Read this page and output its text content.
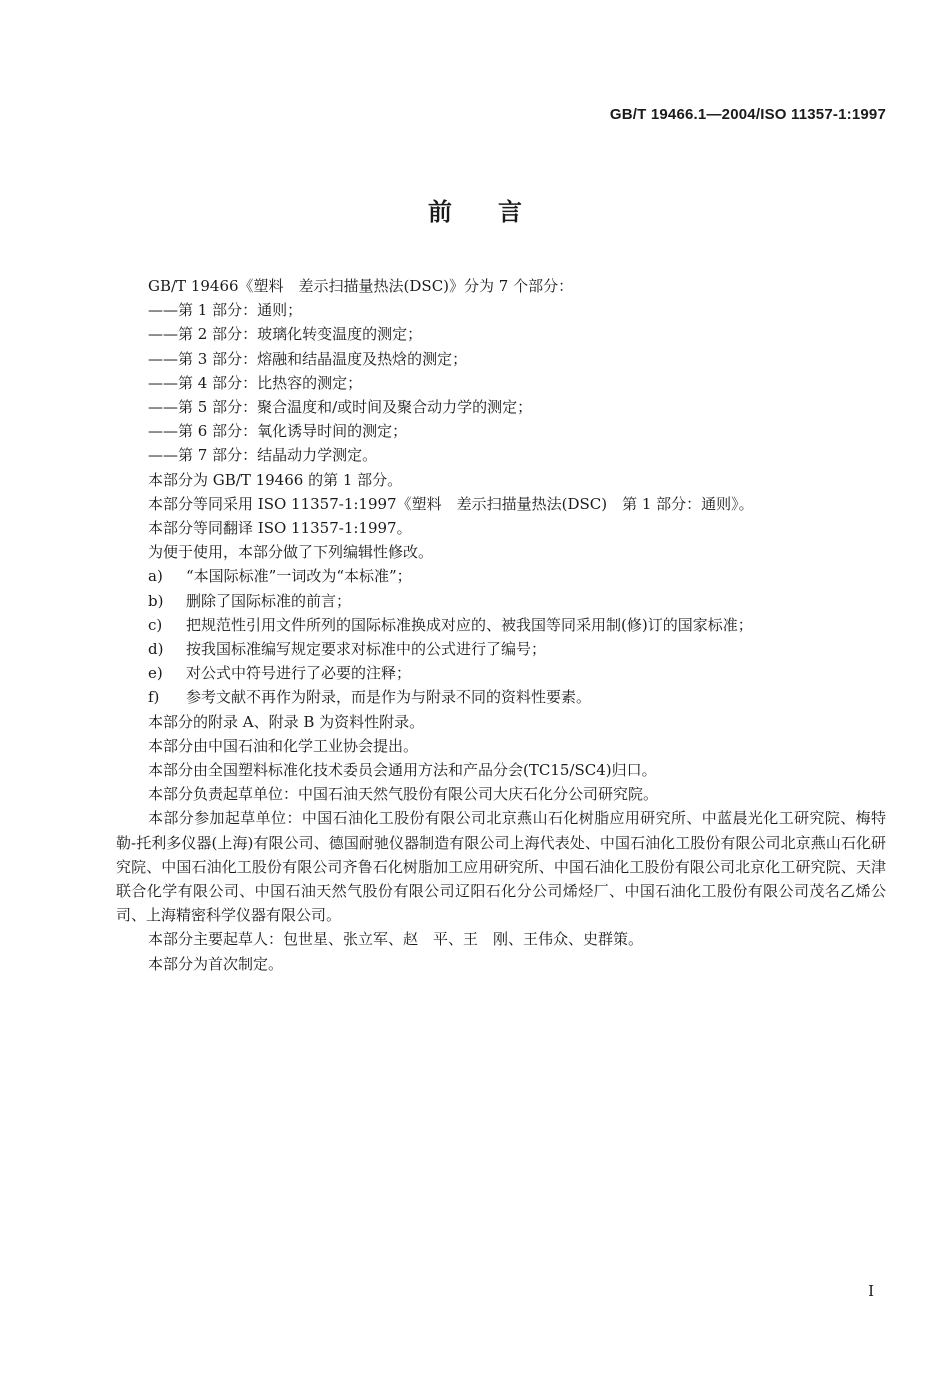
GB/T 19466.1—2004/ISO 11357-1:1997
前言
GB/T 19466《塑料　差示扫描量热法(DSC)》分为 7 个部分：
——第 1 部分：通则；
——第 2 部分：玻璃化转变温度的测定；
——第 3 部分：熔融和结晶温度及热焓的测定；
——第 4 部分：比热容的测定；
——第 5 部分：聚合温度和/或时间及聚合动力学的测定；
——第 6 部分：氧化诱导时间的测定；
——第 7 部分：结晶动力学测定。
本部分为 GB/T 19466 的第 1 部分。
本部分等同采用 ISO 11357-1:1997《塑料　差示扫描量热法(DSC)　第 1 部分：通则》。
本部分等同翻译 ISO 11357-1:1997。
为便于使用，本部分做了下列编辑性修改。
a) “本国际标准”一词改为“本标准”；
b) 删除了国际标准的前言；
c) 把规范性引用文件所列的国际标准换成对应的、被我国等同采用制(修)订的国家标准；
d) 按我国标准编写规定要求对标准中的公式进行了编号；
e) 对公式中符号进行了必要的注释；
f) 参考文献不再作为附录，而是作为与附录不同的资料性要素。
本部分的附录 A、附录 B 为资料性附录。
本部分由中国石油和化学工业协会提出。
本部分由全国塑料标准化技术委员会通用方法和产品分会(TC15/SC4)归口。
本部分负责起草单位：中国石油天然气股份有限公司大庆石化分公司研究院。
本部分参加起草单位：中国石油化工股份有限公司北京燕山石化树脂应用研究所、中蓝晨光化工研究院、梅特勒-托利多仪器(上海)有限公司、德国耐驰仪器制造有限公司上海代表处、中国石油化工股份有限公司北京燕山石化研究院、中国石油化工股份有限公司齐鲁石化树脂加工应用研究所、中国石油化工股份有限公司北京化工研究院、天津联合化学有限公司、中国石油天然气股份有限公司辽阳石化分公司烯烃厂、中国石油化工股份有限公司茂名乙烯公司、上海精密科学仪器有限公司。
本部分主要起草人：包世星、张立军、赵　平、王　刚、王伟众、史群策。
本部分为首次制定。
I
